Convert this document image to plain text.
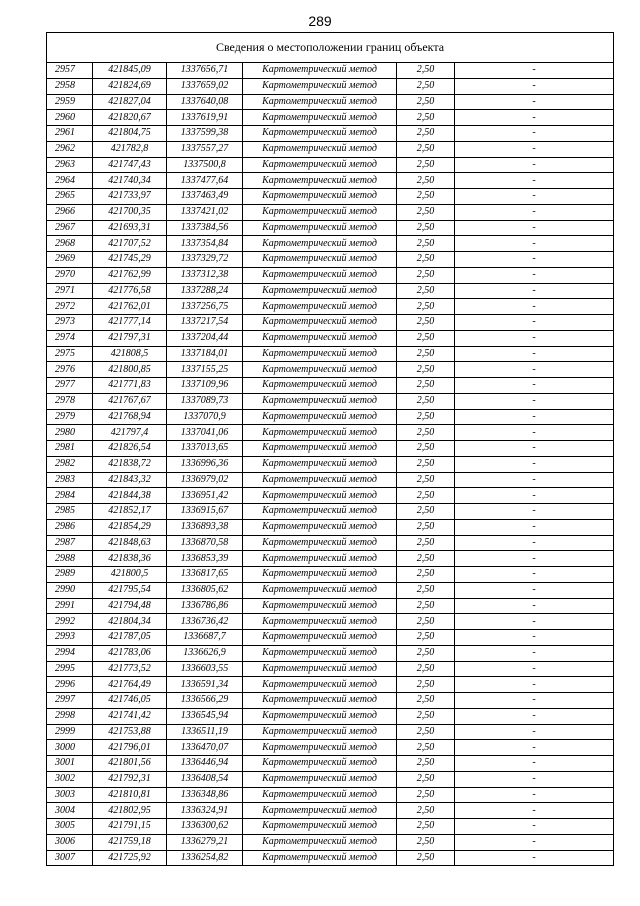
289
Сведения о местоположении границ объекта					
2957	421845,09	1337656,71	Картометрический метод	2,50	-
2958	421824,69	1337659,02	Картометрический метод	2,50	-
2959	421827,04	1337640,08	Картометрический метод	2,50	-
2960	421820,67	1337619,91	Картометрический метод	2,50	-
2961	421804,75	1337599,38	Картометрический метод	2,50	-
2962	421782,8	1337557,27	Картометрический метод	2,50	-
2963	421747,43	1337500,8	Картометрический метод	2,50	-
2964	421740,34	1337477,64	Картометрический метод	2,50	-
2965	421733,97	1337463,49	Картометрический метод	2,50	-
2966	421700,35	1337421,02	Картометрический метод	2,50	-
2967	421693,31	1337384,56	Картометрический метод	2,50	-
2968	421707,52	1337354,84	Картометрический метод	2,50	-
2969	421745,29	1337329,72	Картометрический метод	2,50	-
2970	421762,99	1337312,38	Картометрический метод	2,50	-
2971	421776,58	1337288,24	Картометрический метод	2,50	-
2972	421762,01	1337256,75	Картометрический метод	2,50	-
2973	421777,14	1337217,54	Картометрический метод	2,50	-
2974	421797,31	1337204,44	Картометрический метод	2,50	-
2975	421808,5	1337184,01	Картометрический метод	2,50	-
2976	421800,85	1337155,25	Картометрический метод	2,50	-
2977	421771,83	1337109,96	Картометрический метод	2,50	-
2978	421767,67	1337089,73	Картометрический метод	2,50	-
2979	421768,94	1337070,9	Картометрический метод	2,50	-
2980	421797,4	1337041,06	Картометрический метод	2,50	-
2981	421826,54	1337013,65	Картометрический метод	2,50	-
2982	421838,72	1336996,36	Картометрический метод	2,50	-
2983	421843,32	1336979,02	Картометрический метод	2,50	-
2984	421844,38	1336951,42	Картометрический метод	2,50	-
2985	421852,17	1336915,67	Картометрический метод	2,50	-
2986	421854,29	1336893,38	Картометрический метод	2,50	-
2987	421848,63	1336870,58	Картометрический метод	2,50	-
2988	421838,36	1336853,39	Картометрический метод	2,50	-
2989	421800,5	1336817,65	Картометрический метод	2,50	-
2990	421795,54	1336805,62	Картометрический метод	2,50	-
2991	421794,48	1336786,86	Картометрический метод	2,50	-
2992	421804,34	1336736,42	Картометрический метод	2,50	-
2993	421787,05	1336687,7	Картометрический метод	2,50	-
2994	421783,06	1336626,9	Картометрический метод	2,50	-
2995	421773,52	1336603,55	Картометрический метод	2,50	-
2996	421764,49	1336591,34	Картометрический метод	2,50	-
2997	421746,05	1336566,29	Картометрический метод	2,50	-
2998	421741,42	1336545,94	Картометрический метод	2,50	-
2999	421753,88	1336511,19	Картометрический метод	2,50	-
3000	421796,01	1336470,07	Картометрический метод	2,50	-
3001	421801,56	1336446,94	Картометрический метод	2,50	-
3002	421792,31	1336408,54	Картометрический метод	2,50	-
3003	421810,81	1336348,86	Картометрический метод	2,50	-
3004	421802,95	1336324,91	Картометрический метод	2,50	-
3005	421791,15	1336300,62	Картометрический метод	2,50	-
3006	421759,18	1336279,21	Картометрический метод	2,50	-
3007	421725,92	1336254,82	Картометрический метод	2,50	-
